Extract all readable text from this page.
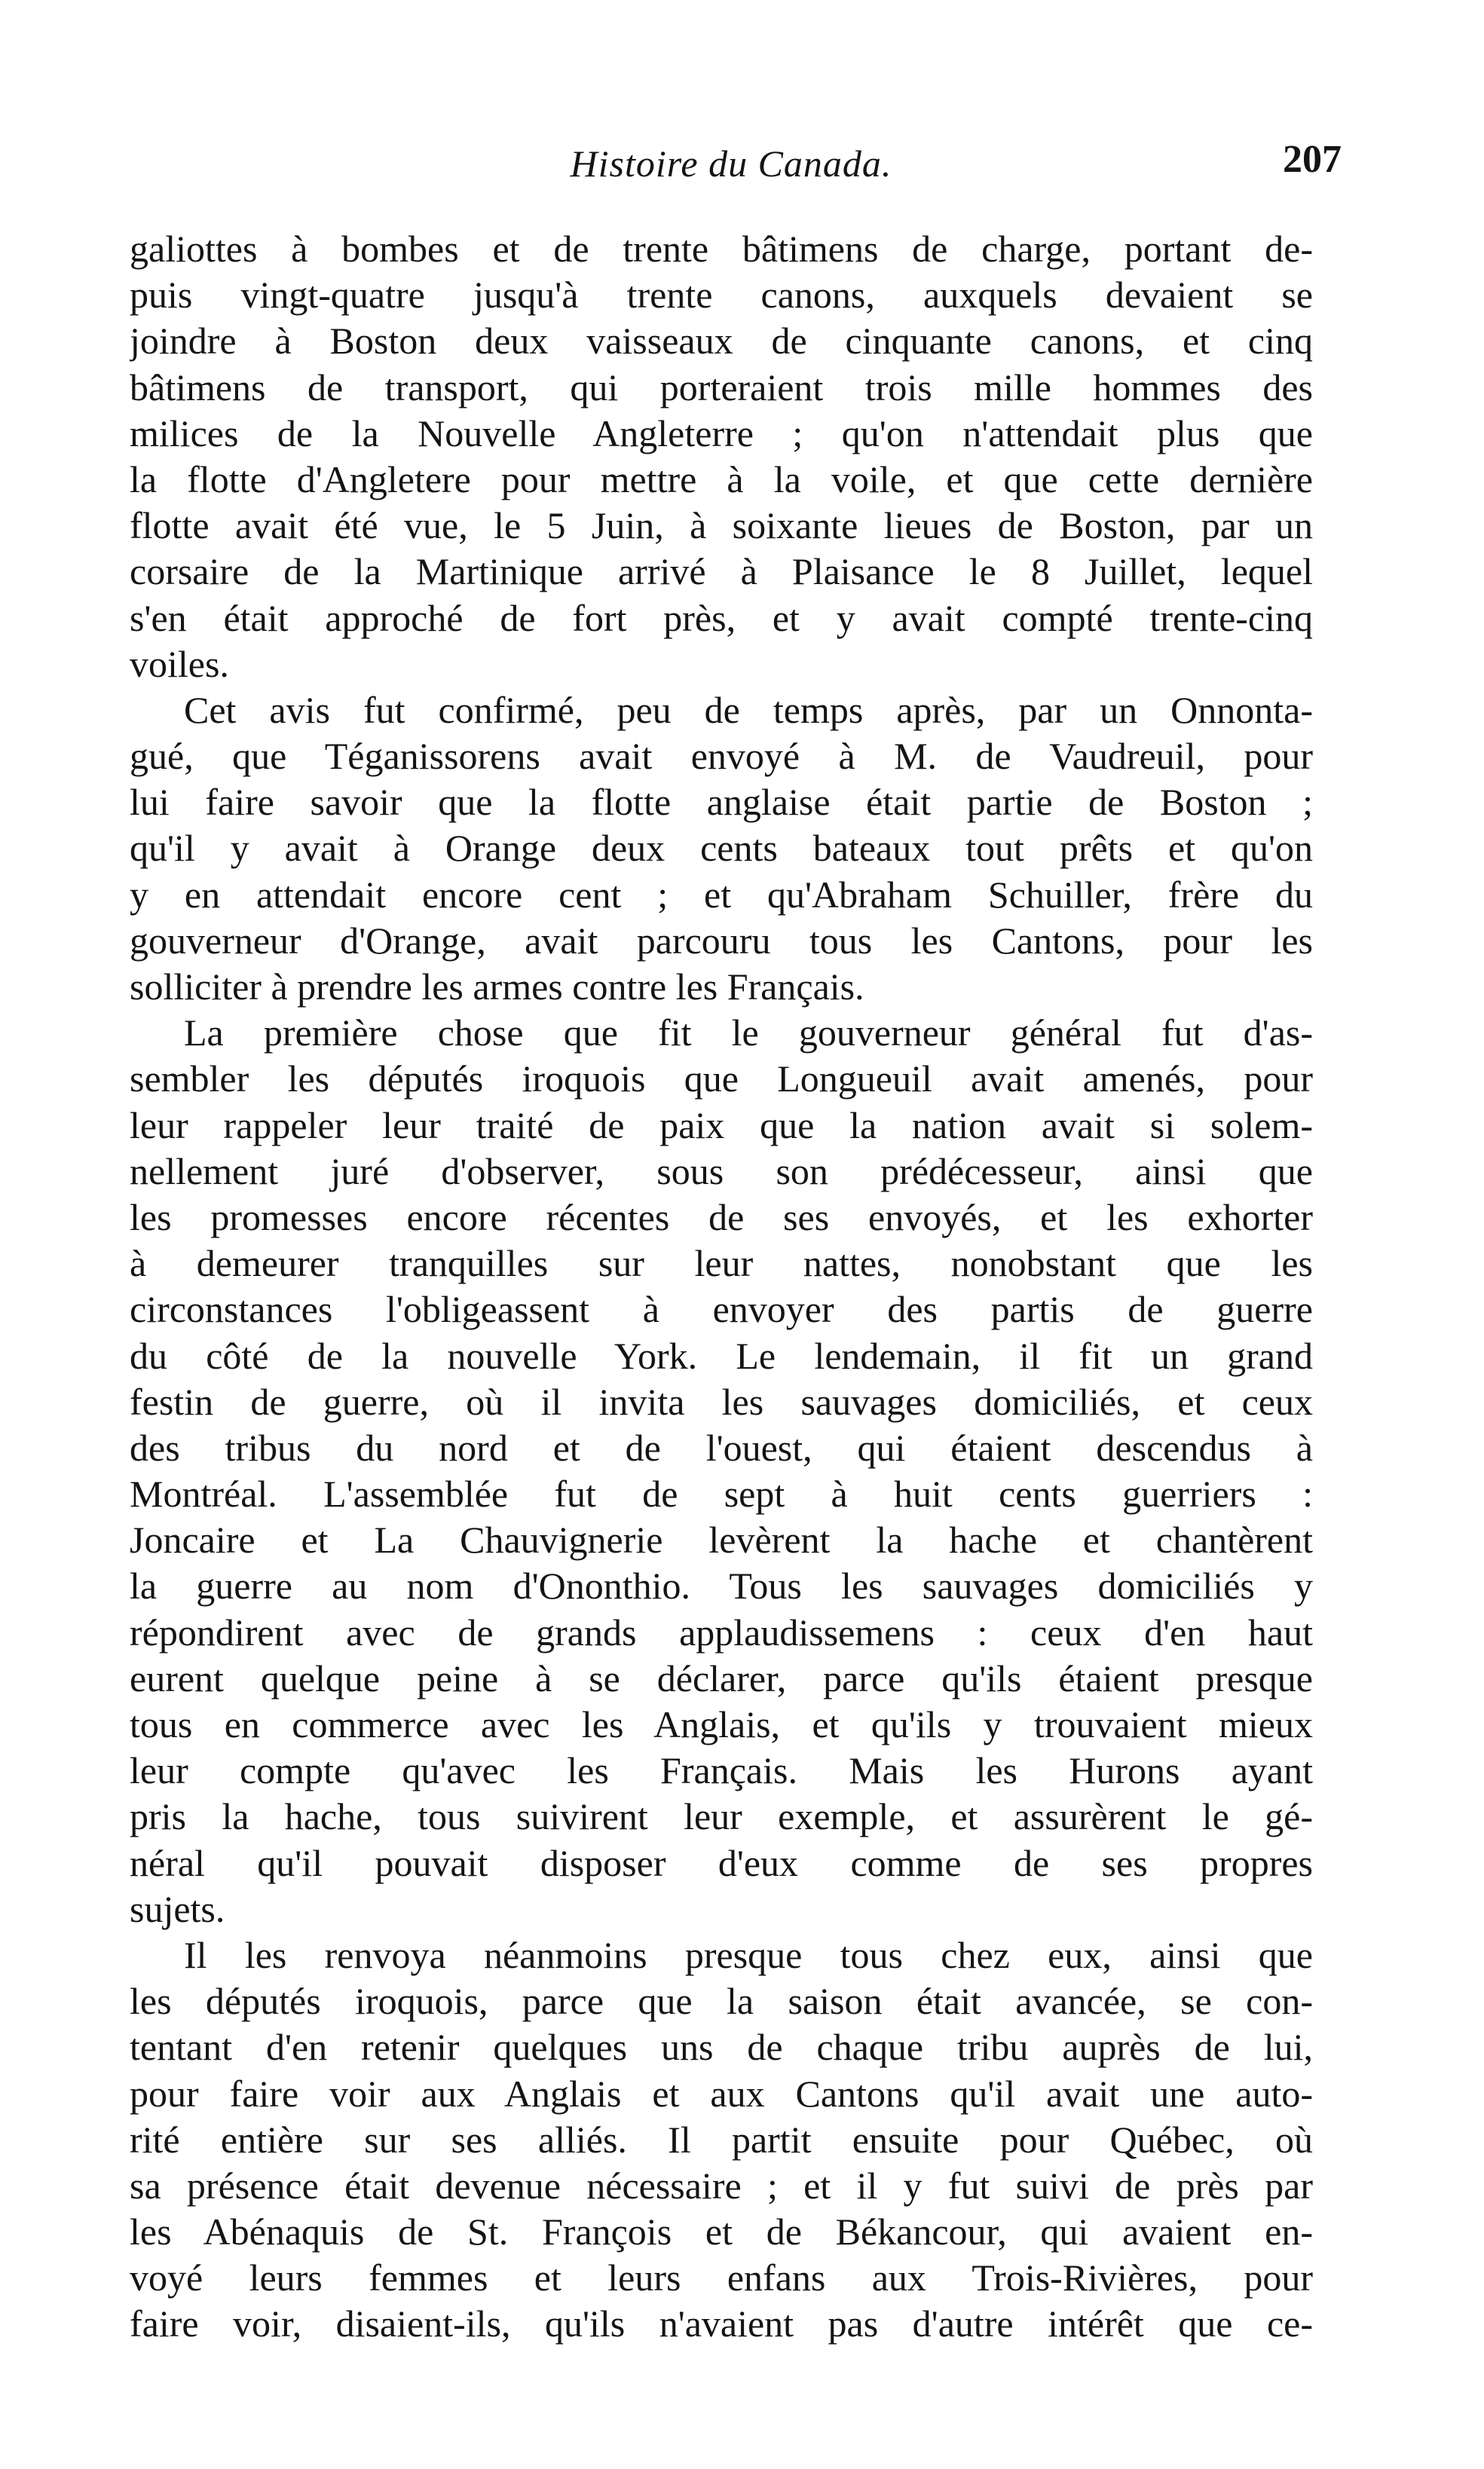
Histoire du Canada.	207
galiottes à bombes et de trente bâtimens de charge, portant de-
puis vingt-quatre jusqu'à trente canons, auxquels devaient se
joindre à Boston deux vaisseaux de cinquante canons, et cinq
bâtimens de transport, qui porteraient trois mille hommes des
milices de la Nouvelle Angleterre ; qu'on n'attendait plus que
la flotte d'Angletere pour mettre à la voile, et que cette dernière
flotte avait été vue, le 5 Juin, à soixante lieues de Boston, par un
corsaire de la Martinique arrivé à Plaisance le 8 Juillet, lequel
s'en était approché de fort près, et y avait compté trente-cinq
voiles.
Cet avis fut confirmé, peu de temps après, par un Onnonta-
gué, que Téganissorens avait envoyé à M. de Vaudreuil, pour
lui faire savoir que la flotte anglaise était partie de Boston ;
qu'il y avait à Orange deux cents bateaux tout prêts et qu'on
y en attendait encore cent ; et qu'Abraham Schuiller, frère du
gouverneur d'Orange, avait parcouru tous les Cantons, pour les
solliciter à prendre les armes contre les Français.
La première chose que fit le gouverneur général fut d'as-
sembler les députés iroquois que Longueuil avait amenés, pour
leur rappeler leur traité de paix que la nation avait si solem-
nellement juré d'observer, sous son prédécesseur, ainsi que
les promesses encore récentes de ses envoyés, et les exhorter
à demeurer tranquilles sur leur nattes, nonobstant que les
circonstances l'obligeassent à envoyer des partis de guerre
du côté de la nouvelle York. Le lendemain, il fit un grand
festin de guerre, où il invita les sauvages domiciliés, et ceux
des tribus du nord et de l'ouest, qui étaient descendus à
Montréal. L'assemblée fut de sept à huit cents guerriers :
Joncaire et La Chauvignerie levèrent la hache et chantèrent
la guerre au nom d'Ononthio. Tous les sauvages domiciliés y
répondirent avec de grands applaudissemens : ceux d'en haut
eurent quelque peine à se déclarer, parce qu'ils étaient presque
tous en commerce avec les Anglais, et qu'ils y trouvaient mieux
leur compte qu'avec les Français. Mais les Hurons ayant
pris la hache, tous suivirent leur exemple, et assurèrent le gé-
néral qu'il pouvait disposer d'eux comme de ses propres
sujets.
Il les renvoya néanmoins presque tous chez eux, ainsi que
les députés iroquois, parce que la saison était avancée, se con-
tentant d'en retenir quelques uns de chaque tribu auprès de lui,
pour faire voir aux Anglais et aux Cantons qu'il avait une auto-
rité entière sur ses alliés. Il partit ensuite pour Québec, où
sa présence était devenue nécessaire ; et il y fut suivi de près par
les Abénaquis de St. François et de Békancour, qui avaient en-
voyé leurs femmes et leurs enfans aux Trois-Rivières, pour
faire voir, disaient-ils, qu'ils n'avaient pas d'autre intérêt que ce-
